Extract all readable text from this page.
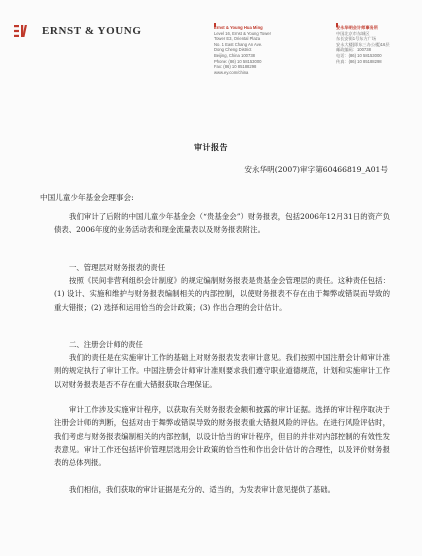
ERNST & YOUNG	Ernst & Young Hua Ming
Level 16, Ernst & Young Tower
Tower E3, Oriental Plaza
No. 1 East Chang An Ave.
Dong Cheng District
Beijing, China 100738
Phone: (86) 10 58153000
Fax: (86) 10 85188298
www.ey.com/china
安永华明会计师事务所
中国北京市东城区
东长安街1号东方广场
安永大楼(即东三办公楼)16层
邮政编码：100738
电话：(86) 10 58153000
传真：(86) 10 85188298
审计报告
安永华明(2007)审字第60466819_A01号
中国儿童少年基金会理事会:
我们审计了后附的中国儿童少年基金会（“贵基金会”）财务报表，包括2006年12月31日的资产负债表、2006年度的业务活动表和现金流量表以及财务报表附注。
一、管理层对财务报表的责任
按照《民间非营利组织会计制度》的规定编制财务报表是贵基金会管理层的责任。这种责任包括：(1) 设计、实施和维护与财务报表编制相关的内部控制，以使财务报表不存在由于舞弊或错误而导致的重大错报；(2) 选择和运用恰当的会计政策；(3) 作出合理的会计估计。
二、注册会计师的责任
我们的责任是在实施审计工作的基础上对财务报表发表审计意见。我们按照中国注册会计师审计准则的规定执行了审计工作。中国注册会计师审计准则要求我们遵守职业道德规范，计划和实施审计工作以对财务报表是否不存在重大错报获取合理保证。
审计工作涉及实施审计程序，以获取有关财务报表金额和披露的审计证据。选择的审计程序取决于注册会计师的判断，包括对由于舞弊或错误导致的财务报表重大错报风险的评估。在进行风险评估时，我们考虑与财务报表编制相关的内部控制，以设计恰当的审计程序，但目的并非对内部控制的有效性发表意见。审计工作还包括评价管理层选用会计政策的恰当性和作出会计估计的合理性，以及评价财务报表的总体列报。
我们相信，我们获取的审计证据是充分的、适当的，为发表审计意见提供了基础。
